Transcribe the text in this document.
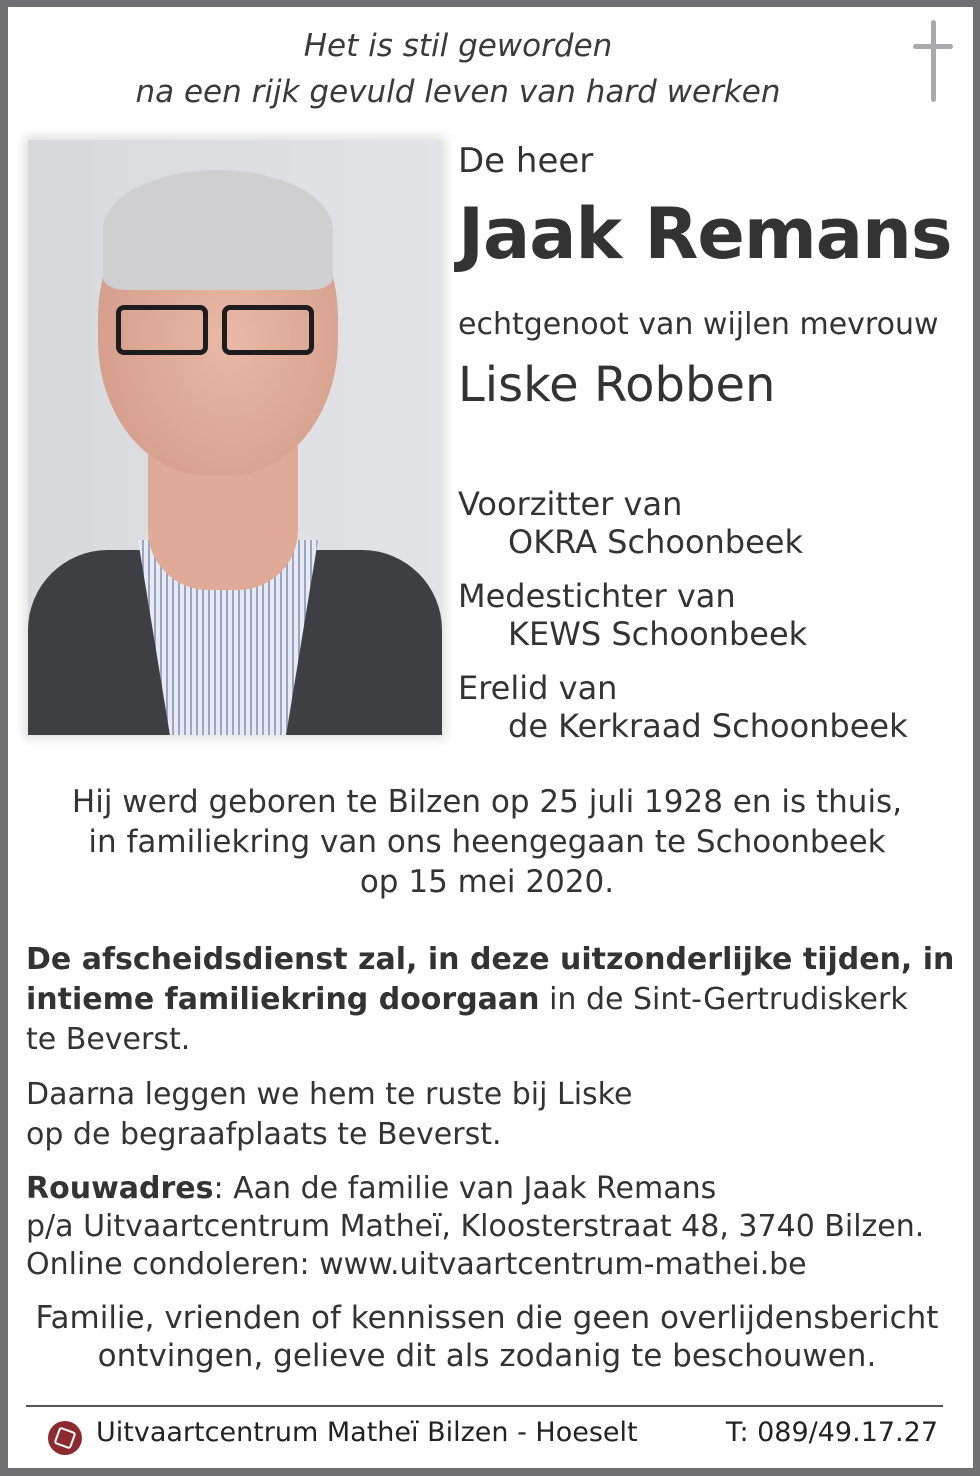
Het is stil geworden
na een rijk gevuld leven van hard werken
De heer
Jaak Remans
echtgenoot van wijlen mevrouw
Liske Robben
Voorzitter van
OKRA Schoonbeek
Medestichter van
KEWS Schoonbeek
Erelid van
de Kerkraad Schoonbeek
Hij werd geboren te Bilzen op 25 juli 1928 en is thuis,
in familiekring van ons heengegaan te Schoonbeek
op 15 mei 2020.
De afscheidsdienst zal, in deze uitzonderlijke tijden, in
intieme familiekring doorgaan in de Sint-Gertrudiskerk
te Beverst.
Daarna leggen we hem te ruste bij Liske
op de begraafplaats te Beverst.
Rouwadres: Aan de familie van Jaak Remans
p/a Uitvaartcentrum Matheï, Kloosterstraat 48, 3740 Bilzen.
Online condoleren: www.uitvaartcentrum-mathei.be
Familie, vrienden of kennissen die geen overlijdensbericht
ontvingen, gelieve dit als zodanig te beschouwen.
Uitvaartcentrum Matheï Bilzen - Hoeselt	T: 089/49.17.27
